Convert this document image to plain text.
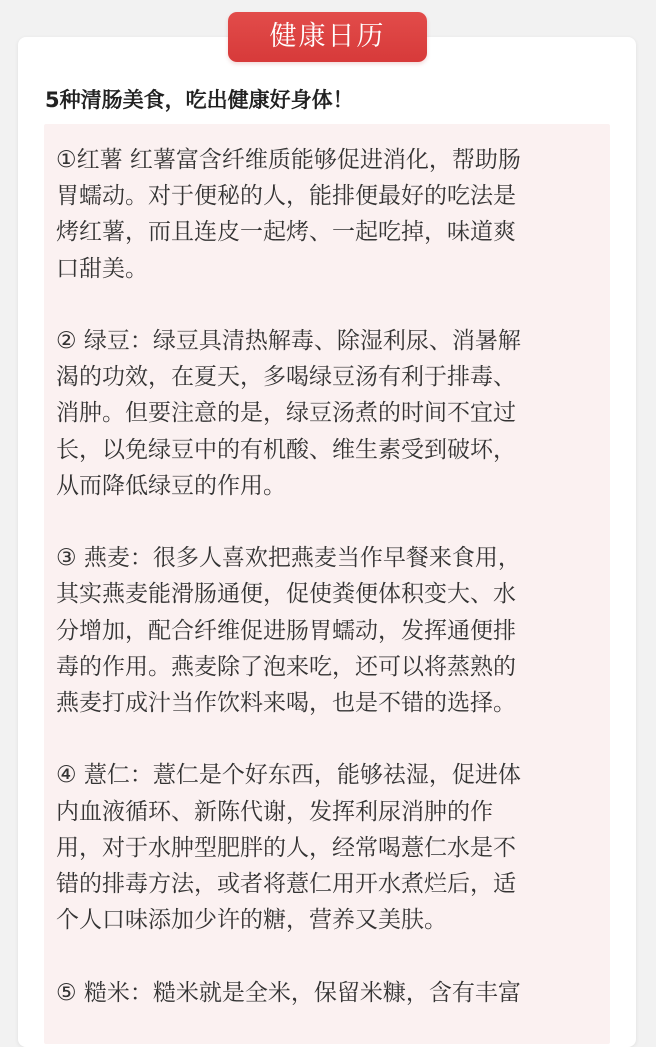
健康日历
5种清肠美食，吃出健康好身体！
①红薯 红薯富含纤维质能够促进消化，帮助肠
胃蠕动。对于便秘的人，能排便最好的吃法是
烤红薯，而且连皮一起烤、一起吃掉，味道爽
口甜美。
② 绿豆：绿豆具清热解毒、除湿利尿、消暑解
渴的功效，在夏天，多喝绿豆汤有利于排毒、
消肿。但要注意的是，绿豆汤煮的时间不宜过
长，以免绿豆中的有机酸、维生素受到破坏，
从而降低绿豆的作用。
③ 燕麦：很多人喜欢把燕麦当作早餐来食用，
其实燕麦能滑肠通便，促使粪便体积变大、水
分增加，配合纤维促进肠胃蠕动，发挥通便排
毒的作用。燕麦除了泡来吃，还可以将蒸熟的
燕麦打成汁当作饮料来喝，也是不错的选择。
④ 薏仁：薏仁是个好东西，能够祛湿，促进体
内血液循环、新陈代谢，发挥利尿消肿的作
用，对于水肿型肥胖的人，经常喝薏仁水是不
错的排毒方法，或者将薏仁用开水煮烂后，适
个人口味添加少许的糖，营养又美肤。
⑤ 糙米：糙米就是全米，保留米糠，含有丰富
